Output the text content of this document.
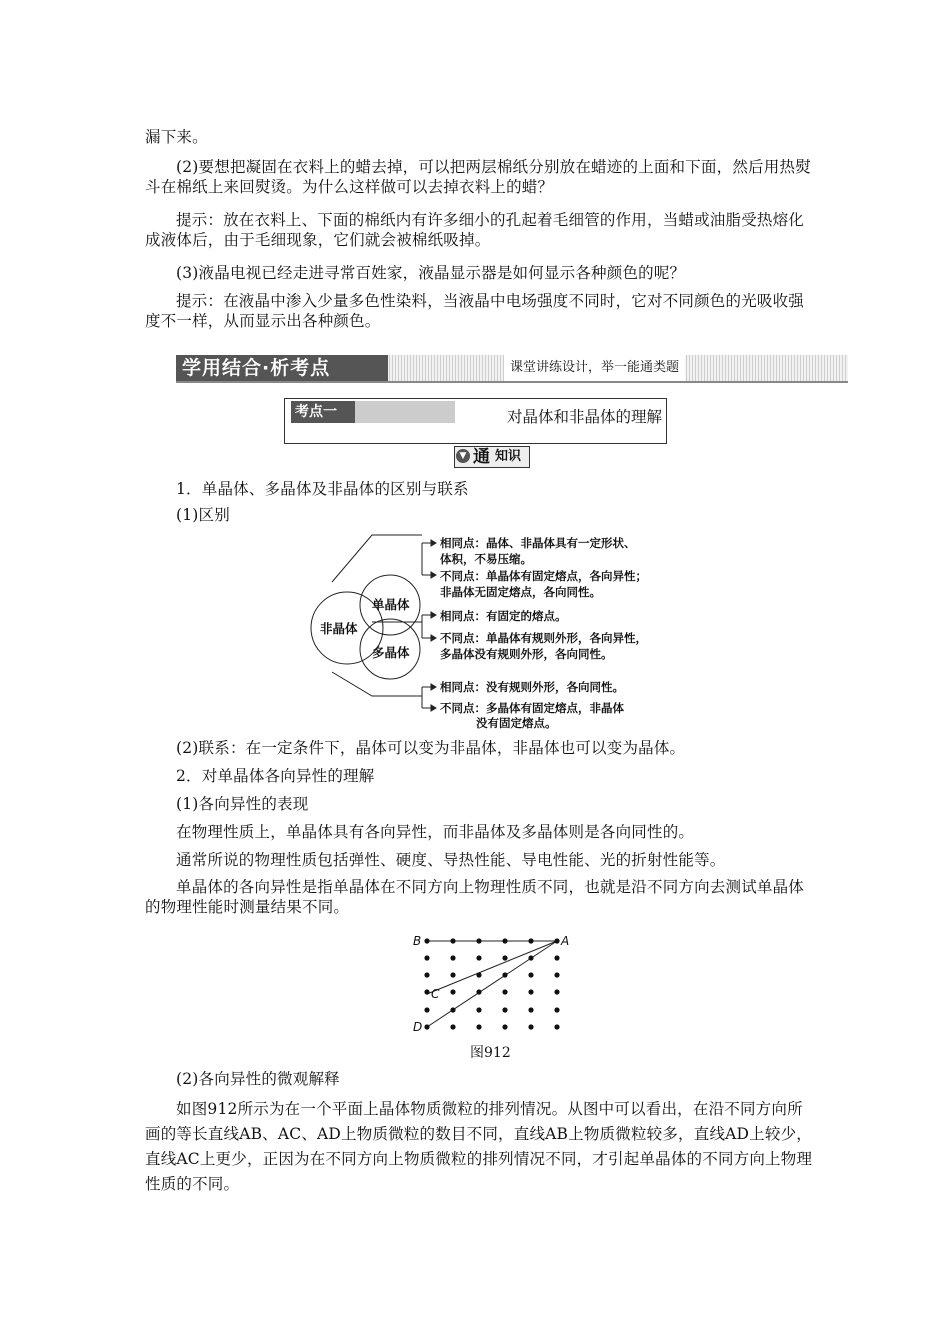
漏下来。

(2)要想把凝固在衣料上的蜡去掉，可以把两层棉纸分别放在蜡迹的上面和下面，然后用热熨斗在棉纸上来回熨烫。为什么这样做可以去掉衣料上的蜡？

提示：放在衣料上、下面的棉纸内有许多细小的孔起着毛细管的作用，当蜡或油脂受热熔化成液体后，由于毛细现象，它们就会被棉纸吸掉。

(3)液晶电视已经走进寻常百姓家，液晶显示器是如何显示各种颜色的呢？

提示：在液晶中渗入少量多色性染料，当液晶中电场强度不同时，它对不同颜色的光吸收强度不一样，从而显示出各种颜色。

学用结合·析考点	课堂讲练设计，举一能通类题
考点一	对晶体和非晶体的理解
▼ 通 知识

1．单晶体、多晶体及非晶体的区别与联系

(1)区别

非晶体
单晶体
多晶体
相同点：晶体、非晶体具有一定形状、
体积，不易压缩。
不同点：单晶体有固定熔点，各向异性；
非晶体无固定熔点，各向同性。
相同点：有固定的熔点。
不同点：单晶体有规则外形，各向异性，
多晶体没有规则外形，各向同性。
相同点：没有规则外形，各向同性。
不同点：多晶体有固定熔点，非晶体
没有固定熔点。

(2)联系：在一定条件下，晶体可以变为非晶体，非晶体也可以变为晶体。

2．对单晶体各向异性的理解

(1)各向异性的表现

在物理性质上，单晶体具有各向异性，而非晶体及多晶体则是各向同性的。

通常所说的物理性质包括弹性、硬度、导热性能、导电性能、光的折射性能等。

单晶体的各向异性是指单晶体在不同方向上物理性质不同，也就是沿不同方向去测试单晶体的物理性能时测量结果不同。

B	A
C
D
图912

(2)各向异性的微观解释

如图912所示为在一个平面上晶体物质微粒的排列情况。从图中可以看出，在沿不同方向所画的等长直线AB、AC、AD上物质微粒的数目不同，直线AB上物质微粒较多，直线AD上较少，直线AC上更少，正因为在不同方向上物质微粒的排列情况不同，才引起单晶体的不同方向上物理性质的不同。
